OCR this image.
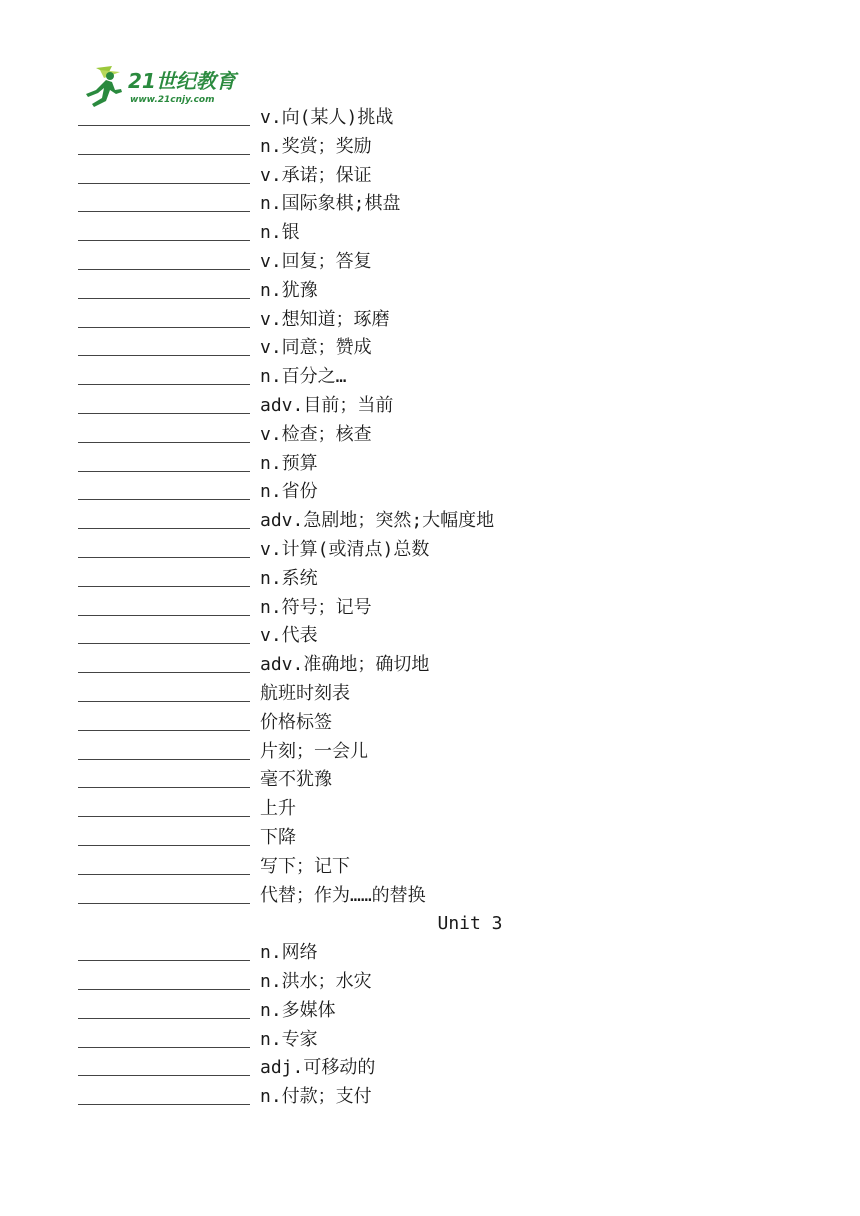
21世纪教育
www.21cnjy.com
v.向(某人)挑战
n.奖赏；奖励
v.承诺；保证
n.国际象棋;棋盘
n.银
v.回复；答复
n.犹豫
v.想知道；琢磨
v.同意；赞成
n.百分之…
adv.目前；当前
v.检查；核查
n.预算
n.省份
adv.急剧地；突然;大幅度地
v.计算(或清点)总数
n.系统
n.符号；记号
v.代表
adv.准确地；确切地
航班时刻表
价格标签
片刻；一会儿
毫不犹豫
上升
下降
写下；记下
代替；作为……的替换
Unit 3
n.网络
n.洪水；水灾
n.多媒体
n.专家
adj.可移动的
n.付款；支付
